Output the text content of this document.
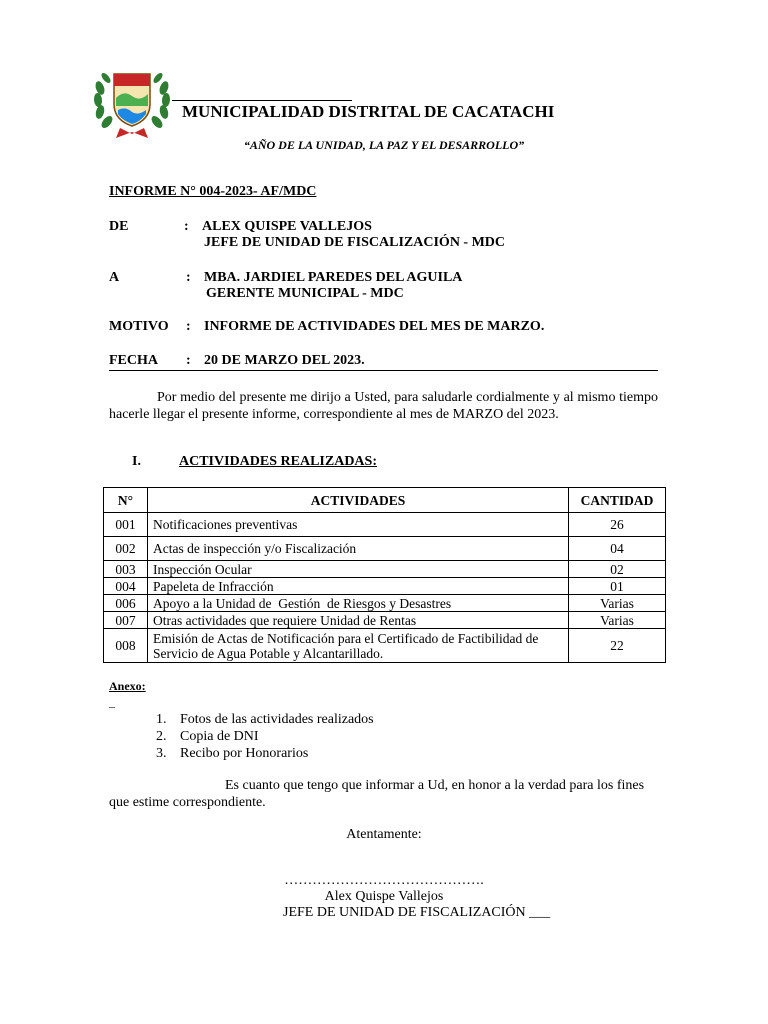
MUNICIPALIDAD DISTRITAL DE CACATACHI
“AÑO DE LA UNIDAD, LA PAZ Y EL DESARROLLO”
INFORME N° 004-2023- AF/MDC
DE	: ALEX QUISPE VALLEJOS
JEFE DE UNIDAD DE FISCALIZACIÓN - MDC
A	: MBA. JARDIEL PAREDES DEL AGUILA
GERENTE MUNICIPAL - MDC
MOTIVO : INFORME DE ACTIVIDADES DEL MES DE MARZO.
FECHA : 20 DE MARZO DEL 2023.
Por medio del presente me dirijo a Usted, para saludarle cordialmente y al mismo tiempo hacerle llegar el presente informe, correspondiente al mes de MARZO del 2023.
I.	ACTIVIDADES REALIZADAS:
N°	ACTIVIDADES	CANTIDAD
001	Notificaciones preventivas	26
002	Actas de inspección y/o Fiscalización	04
003	Inspección Ocular	02
004	Papeleta de Infracción	01
006	Apoyo a la Unidad de  Gestión  de Riesgos y Desastres	Varias
007	Otras actividades que requiere Unidad de Rentas	Varias
008	Emisión de Actas de Notificación para el Certificado de Factibilidad de Servicio de Agua Potable y Alcantarillado.	22
Anexo:
_
1. Fotos de las actividades realizados
2. Copia de DNI
3. Recibo por Honorarios
Es cuanto que tengo que informar a Ud, en honor a la verdad para los fines que estime correspondiente.
Atentamente:
…………………………………….
Alex Quispe Vallejos
JEFE DE UNIDAD DE FISCALIZACIÓN ___
